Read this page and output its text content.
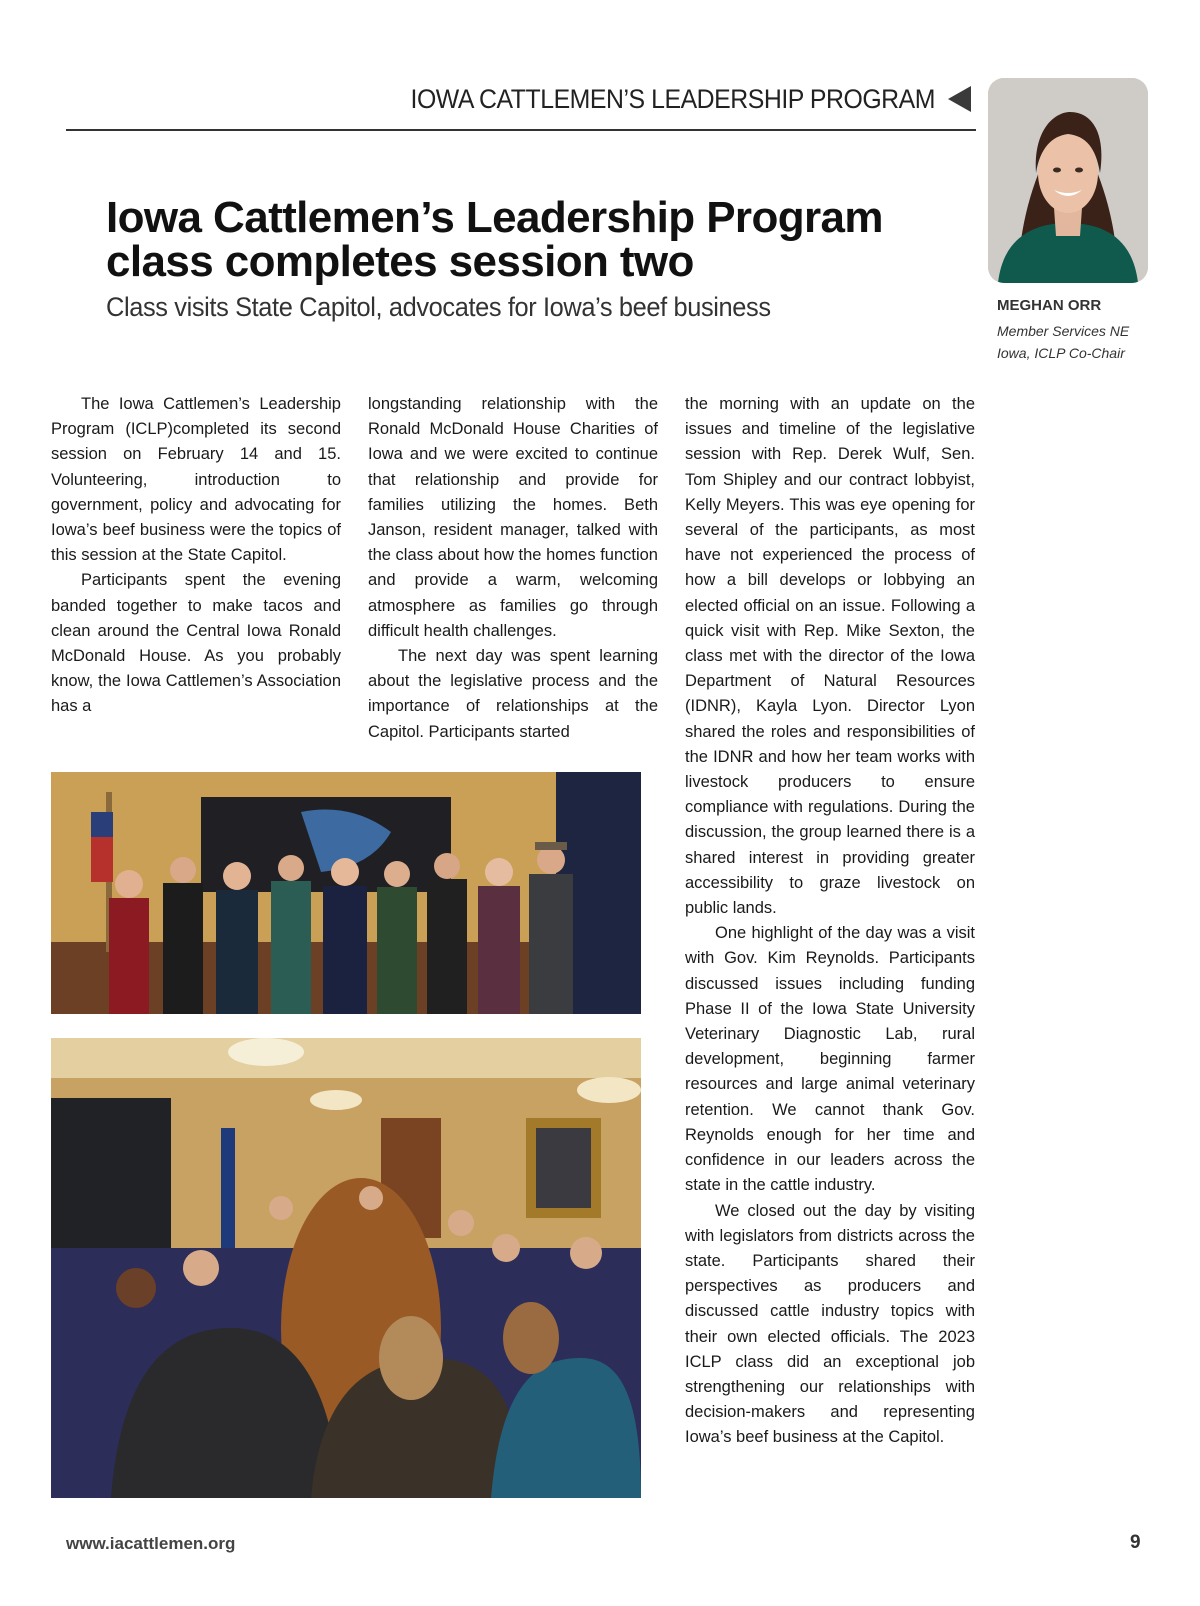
IOWA CATTLEMEN’S LEADERSHIP PROGRAM
Iowa Cattlemen’s Leadership Program
class completes session two
Class visits State Capitol, advocates for Iowa’s beef business	MEGHAN ORR
Member Services NE Iowa, ICLP Co-Chair

The Iowa Cattlemen’s Leadership Program (ICLP)completed its second session on February 14 and 15. Volunteering, introduction to government, policy and advocating for Iowa’s beef business were the topics of this session at the State Capitol.

Participants spent the evening banded together to make tacos and clean around the Central Iowa Ronald McDonald House. As you probably know, the Iowa Cattlemen’s Association has a

longstanding relationship with the Ronald McDonald House Charities of Iowa and we were excited to continue that relationship and provide for families utilizing the homes. Beth Janson, resident manager, talked with the class about how the homes function and provide a warm, welcoming atmosphere as families go through difficult health challenges.

The next day was spent learning about the legislative process and the importance of relationships at the Capitol. Participants started

the morning with an update on the issues and timeline of the legislative session with Rep. Derek Wulf, Sen. Tom Shipley and our contract lobbyist, Kelly Meyers. This was eye opening for several of the participants, as most have not experienced the process of how a bill develops or lobbying an elected official on an issue. Following a quick visit with Rep. Mike Sexton, the class met with the director of the Iowa Department of Natural Resources (IDNR), Kayla Lyon. Director Lyon shared the roles and responsibilities of the IDNR and how her team works with livestock producers to ensure compliance with regulations. During the discussion, the group learned there is a shared interest in providing greater accessibility to graze livestock on public lands.

One highlight of the day was a visit with Gov. Kim Reynolds. Participants discussed issues including funding Phase II of the Iowa State University Veterinary Diagnostic Lab, rural development, beginning farmer resources and large animal veterinary retention. We cannot thank Gov. Reynolds enough for her time and confidence in our leaders across the state in the cattle industry.

We closed out the day by visiting with legislators from districts across the state. Participants shared their perspectives as producers and discussed cattle industry topics with their own elected officials. The 2023 ICLP class did an exceptional job strengthening our relationships with decision-makers and representing Iowa’s beef business at the Capitol.

www.iacattlemen.org	9
